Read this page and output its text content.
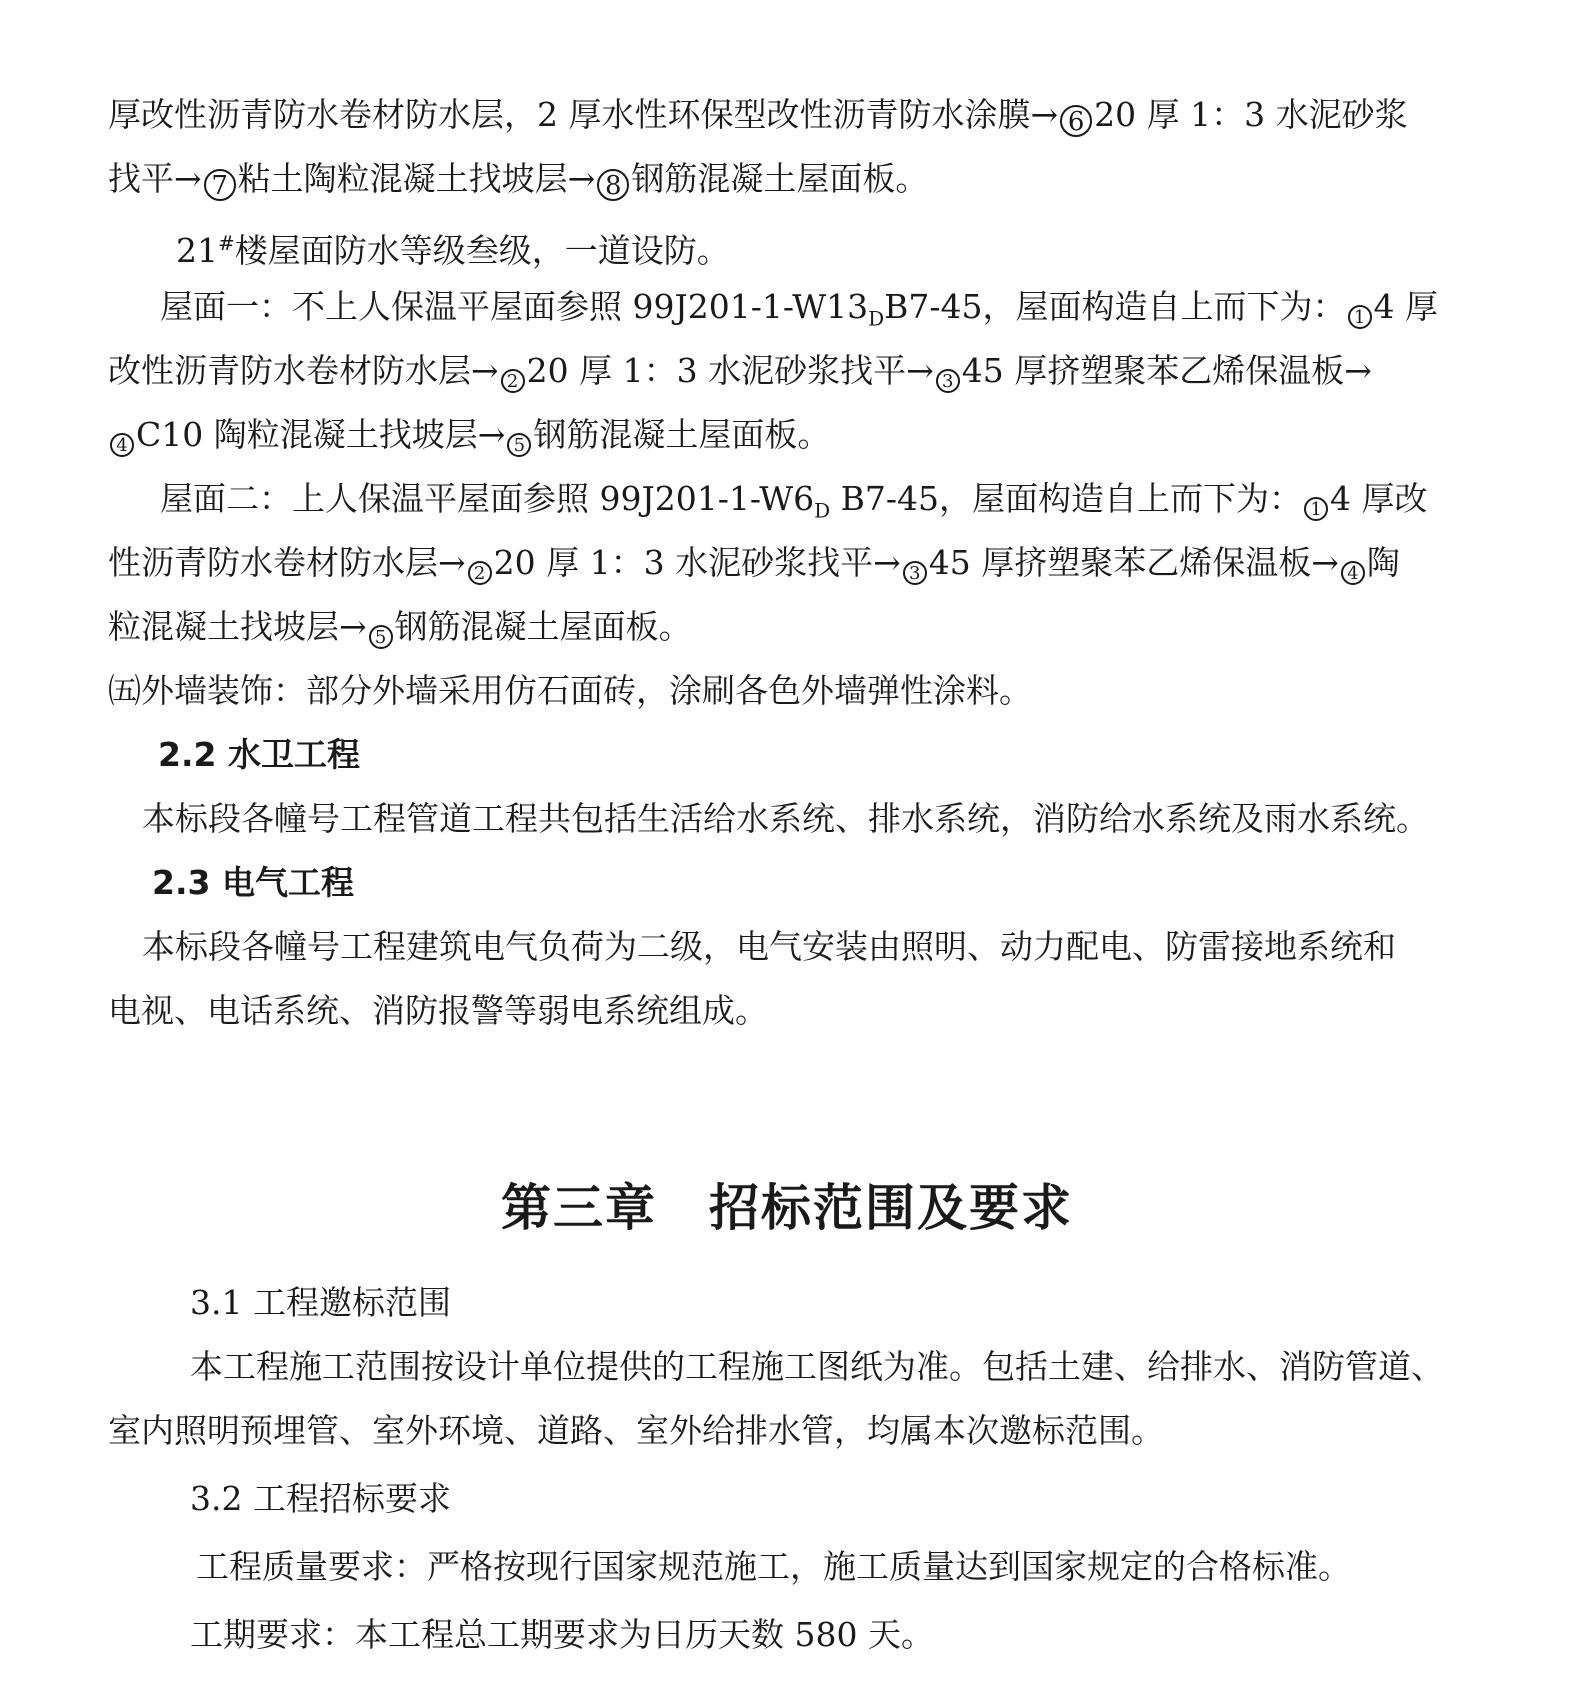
厚改性沥青防水卷材防水层，2 厚水性环保型改性沥青防水涂膜→ 6 20 厚 1：3 水泥砂浆
找平→ 7 粘土陶粒混凝土找坡层→ 8 钢筋混凝土屋面板。
21#楼屋面防水等级叁级，一道设防。
屋面一：不上人保温平屋面参照 $99J201-1-W13_DB7-45$，屋面构造自上而下为： 1 4 厚
改性沥青防水卷材防水层→ 2 20 厚 1：3 水泥砂浆找平→ 3 45 厚挤塑聚苯乙烯保温板→
4 C10 陶粒混凝土找坡层→ 5 钢筋混凝土屋面板。
屋面二：上人保温平屋面参照 $99J201-1-W6_D$ B7-45，屋面构造自上而下为： 1 4 厚改
性沥青防水卷材防水层→ 2 20 厚 1：3 水泥砂浆找平→ 3 45 厚挤塑聚苯乙烯保温板→ 4 陶
粒混凝土找坡层→ 5 钢筋混凝土屋面板。
㈤外墙装饰：部分外墙采用仿石面砖，涂刷各色外墙弹性涂料。
2.2 水卫工程
本标段各幢号工程管道工程共包括生活给水系统、排水系统，消防给水系统及雨水系统。
2.3 电气工程
本标段各幢号工程建筑电气负荷为二级，电气安装由照明、动力配电、防雷接地系统和
电视、电话系统、消防报警等弱电系统组成。
第三章　招标范围及要求
3.1 工程邀标范围
本工程施工范围按设计单位提供的工程施工图纸为准。包括土建、给排水、消防管道、
室内照明预埋管、室外环境、道路、室外给排水管，均属本次邀标范围。
3.2 工程招标要求
工程质量要求：严格按现行国家规范施工，施工质量达到国家规定的合格标准。
工期要求：本工程总工期要求为日历天数 580 天。
